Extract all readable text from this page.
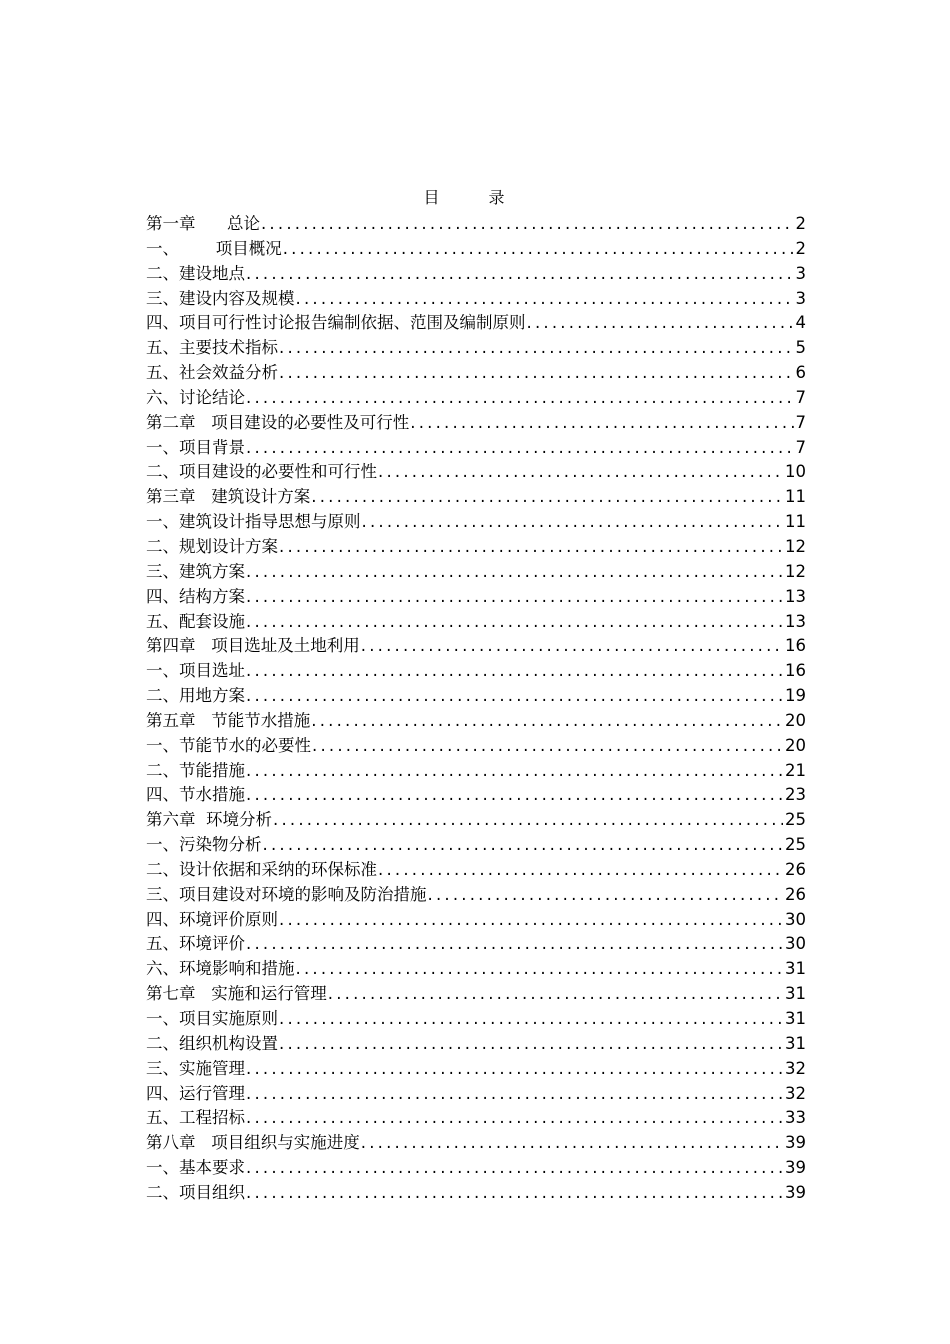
目 录
第一章      总论 .....	2
一、       项目概况 .....	2
二、建设地点 .....	3
三、建设内容及规模 .....	3
四、项目可行性讨论报告编制依据、范围及编制原则 .....	4
五、主要技术指标 .....	5
五、社会效益分析 .....	6
六、讨论结论 .....	7
第二章   项目建设的必要性及可行性 .....	7
一、项目背景 .....	7
二、项目建设的必要性和可行性 .....	10
第三章   建筑设计方案 .....	11
一、建筑设计指导思想与原则 .....	11
二、规划设计方案 .....	12
三、建筑方案 .....	12
四、结构方案 .....	13
五、配套设施 .....	13
第四章   项目选址及土地利用 .....	16
一、项目选址 .....	16
二、用地方案 .....	19
第五章   节能节水措施 .....	20
一、节能节水的必要性 .....	20
二、节能措施 .....	21
四、节水措施 .....	23
第六章  环境分析 .....	25
一、污染物分析 .....	25
二、设计依据和采纳的环保标准 .....	26
三、项目建设对环境的影响及防治措施 .....	26
四、环境评价原则 .....	30
五、环境评价 .....	30
六、环境影响和措施 .....	31
第七章   实施和运行管理 .....	31
一、项目实施原则 .....	31
二、组织机构设置 .....	31
三、实施管理 .....	32
四、运行管理 .....	32
五、工程招标 .....	33
第八章   项目组织与实施进度 .....	39
一、基本要求 .....	39
二、项目组织 .....	39
